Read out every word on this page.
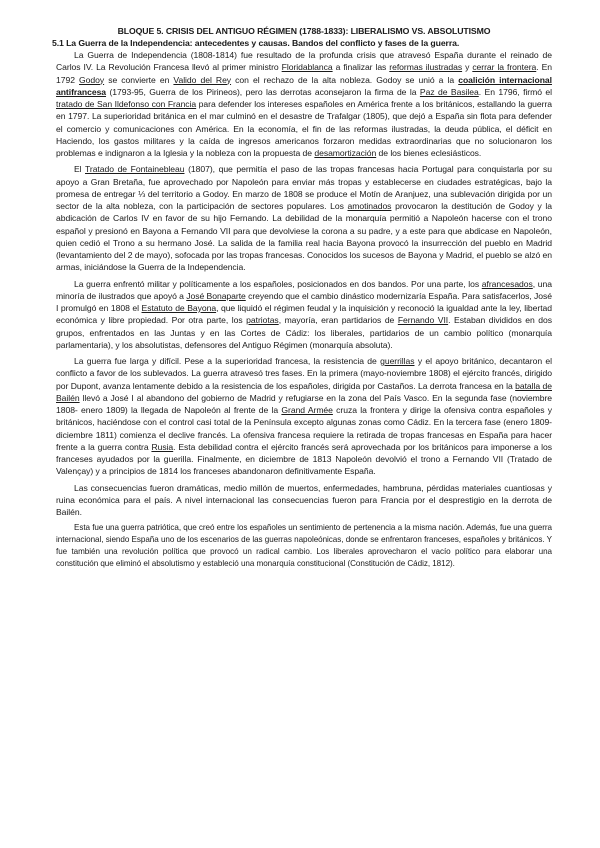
BLOQUE 5. CRISIS DEL ANTIGUO RÉGIMEN (1788-1833): LIBERALISMO VS. ABSOLUTISMO
5.1 La Guerra de la Independencia: antecedentes y causas. Bandos del conflicto y fases de la guerra.

La Guerra de Independencia (1808-1814) fue resultado de la profunda crisis que atravesó España durante el reinado de Carlos IV. La Revolución Francesa llevó al primer ministro Floridablanca a finalizar las reformas ilustradas y cerrar la frontera. En 1792 Godoy se convierte en Valido del Rey con el rechazo de la alta nobleza. Godoy se unió a la coalición internacional antifrancesa (1793-95, Guerra de los Pirineos), pero las derrotas aconsejaron la firma de la Paz de Basilea. En 1796, firmó el tratado de San Ildefonso con Francia para defender los intereses españoles en América frente a los británicos, estallando la guerra en 1797. La superioridad británica en el mar culminó en el desastre de Trafalgar (1805), que dejó a España sin flota para defender el comercio y comunicaciones con América. En la economía, el fin de las reformas ilustradas, la deuda pública, el déficit en Haciendo, los gastos militares y la caída de ingresos americanos forzaron medidas extraordinarias que no solucionaron los problemas e indignaron a la Iglesia y la nobleza con la propuesta de desamortización de los bienes eclesiásticos.

El Tratado de Fontainebleau (1807), que permitía el paso de las tropas francesas hacia Portugal para conquistarla por su apoyo a Gran Bretaña, fue aprovechado por Napoleón para enviar más tropas y establecerse en ciudades estratégicas, bajo la promesa de entregar ⅓ del territorio a Godoy. En marzo de 1808 se produce el Motín de Aranjuez, una sublevación dirigida por un sector de la alta nobleza, con la participación de sectores populares. Los amotinados provocaron la destitución de Godoy y la abdicación de Carlos IV en favor de su hijo Fernando. La debilidad de la monarquía permitió a Napoleón hacerse con el trono español y presionó en Bayona a Fernando VII para que devolviese la corona a su padre, y a este para que abdicase en Napoleón, quien cedió el Trono a su hermano José. La salida de la familia real hacia Bayona provocó la insurrección del pueblo en Madrid (levantamiento del 2 de mayo), sofocada por las tropas francesas. Conocidos los sucesos de Bayona y Madrid, el pueblo se alzó en armas, iniciándose la Guerra de la Independencia.

La guerra enfrentó militar y políticamente a los españoles, posicionados en dos bandos. Por una parte, los afrancesados, una minoría de ilustrados que apoyó a José Bonaparte creyendo que el cambio dinástico modernizaría España. Para satisfacerlos, José I promulgó en 1808 el Estatuto de Bayona, que liquidó el régimen feudal y la inquisición y reconoció la igualdad ante la ley, libertad económica y libre propiedad. Por otra parte, los patriotas, mayoría, eran partidarios de Fernando VII. Estaban divididos en dos grupos, enfrentados en las Juntas y en las Cortes de Cádiz: los liberales, partidarios de un cambio político (monarquía parlamentaria), y los absolutistas, defensores del Antiguo Régimen (monarquía absoluta).

La guerra fue larga y difícil. Pese a la superioridad francesa, la resistencia de guerrillas y el apoyo británico, decantaron el conflicto a favor de los sublevados. La guerra atravesó tres fases. En la primera (mayo-noviembre 1808) el ejército francés, dirigido por Dupont, avanza lentamente debido a la resistencia de los españoles, dirigida por Castaños. La derrota francesa en la batalla de Bailén llevó a José I al abandono del gobierno de Madrid y refugiarse en la zona del País Vasco. En la segunda fase (noviembre 1808- enero 1809) la llegada de Napoleón al frente de la Grand Armée cruza la frontera y dirige la ofensiva contra españoles y británicos, haciéndose con el control casi total de la Península excepto algunas zonas como Cádiz. En la tercera fase (enero 1809-diciembre 1811) comienza el declive francés. La ofensiva francesa requiere la retirada de tropas francesas en España para hacer frente a la guerra contra Rusia. Esta debilidad contra el ejército francés será aprovechada por los británicos para imponerse a los franceses ayudados por la guerilla. Finalmente, en diciembre de 1813 Napoleón devolvió el trono a Fernando VII (Tratado de Valençay) y a principios de 1814 los franceses abandonaron definitivamente España.

Las consecuencias fueron dramáticas, medio millón de muertos, enfermedades, hambruna, pérdidas materiales cuantiosas y ruina económica para el país. A nivel internacional las consecuencias fueron para Francia por el desprestigio en la derrota de Bailén.

Esta fue una guerra patriótica, que creó entre los españoles un sentimiento de pertenencia a la misma nación. Además, fue una guerra internacional, siendo España uno de los escenarios de las guerras napoleónicas, donde se enfrentaron franceses, españoles y británicos. Y fue también una revolución política que provocó un radical cambio. Los liberales aprovecharon el vacío político para elaborar una constitución que eliminó el absolutismo y estableció una monarquía constitucional (Constitución de Cádiz, 1812).
